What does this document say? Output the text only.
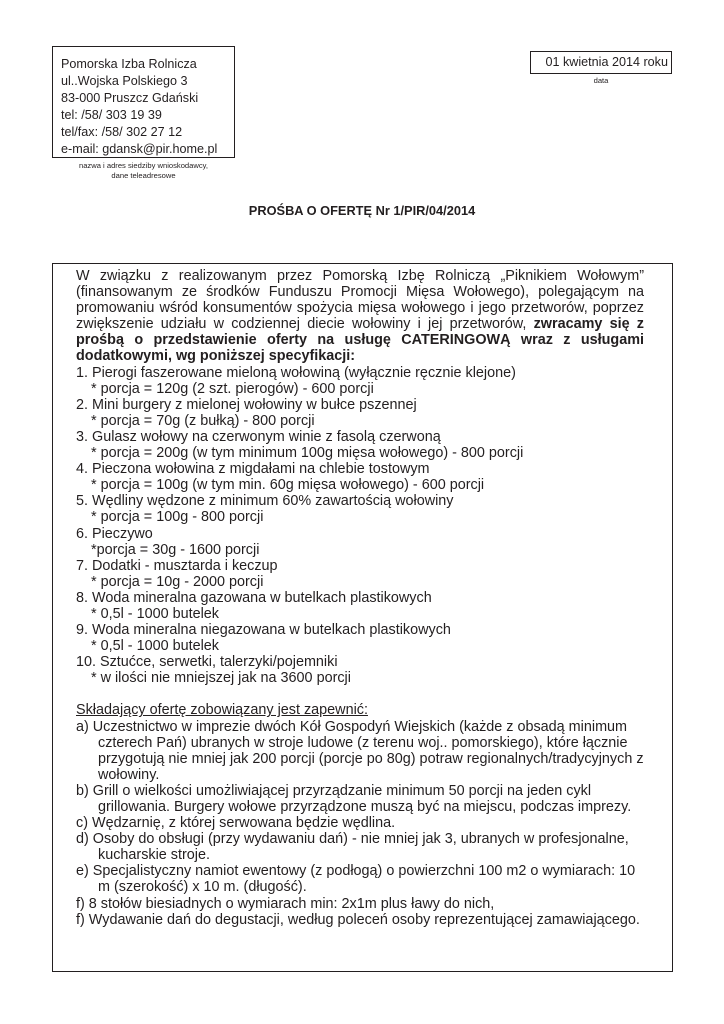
Pomorska Izba Rolnicza
ul..Wojska Polskiego 3
83-000 Pruszcz Gdański
tel: /58/ 303 19 39
tel/fax: /58/ 302 27 12
e-mail: gdansk@pir.home.pl
nazwa i adres siedziby wnioskodawcy,
dane teleadresowe
01 kwietnia 2014 roku
data
PROŚBA O OFERTĘ Nr 1/PIR/04/2014
W związku z realizowanym przez Pomorską Izbę Rolniczą „Piknikiem Wołowym” (finansowanym ze środków Funduszu Promocji Mięsa Wołowego), polegającym na promowaniu wśród konsumentów spożycia mięsa wołowego i jego przetworów, poprzez zwiększenie udziału w codziennej diecie wołowiny i jej przetworów, zwracamy się z prośbą o przedstawienie oferty na usługę CATERINGOWĄ wraz z usługami dodatkowymi, wg poniższej specyfikacji:
1. Pierogi faszerowane mieloną wołowiną (wyłącznie ręcznie klejone)
* porcja = 120g (2 szt. pierogów) - 600 porcji
2. Mini burgery z mielonej wołowiny w bułce pszennej
* porcja = 70g (z bułką) - 800 porcji
3. Gulasz wołowy na czerwonym winie z fasolą czerwoną
* porcja = 200g (w tym minimum 100g mięsa wołowego) - 800 porcji
4. Pieczona wołowina z migdałami na chlebie tostowym
* porcja = 100g (w tym min. 60g mięsa wołowego) - 600 porcji
5. Wędliny wędzone z minimum 60% zawartością wołowiny
* porcja = 100g - 800 porcji
6. Pieczywo
*porcja = 30g - 1600 porcji
7. Dodatki - musztarda i keczup
* porcja = 10g - 2000 porcji
8. Woda mineralna gazowana w butelkach plastikowych
* 0,5l - 1000 butelek
9. Woda mineralna niegazowana w butelkach plastikowych
* 0,5l - 1000 butelek
10. Sztućce, serwetki, talerzyki/pojemniki
* w ilości nie mniejszej jak na 3600 porcji
Składający ofertę zobowiązany jest zapewnić:
a) Uczestnictwo w imprezie dwóch Kół Gospodyń Wiejskich (każde z obsadą minimum czterech Pań) ubranych w stroje ludowe (z terenu woj.. pomorskiego), które łącznie przygotują nie mniej jak 200 porcji (porcje po 80g) potraw regionalnych/tradycyjnych z wołowiny.
b) Grill o wielkości umożliwiającej przyrządzanie minimum 50 porcji na jeden cykl grillowania. Burgery wołowe przyrządzone muszą być na miejscu, podczas imprezy.
c) Wędzarnię, z której serwowana będzie wędlina.
d) Osoby do obsługi (przy wydawaniu dań) - nie mniej jak 3, ubranych w profesjonalne, kucharskie stroje.
e) Specjalistyczny namiot ewentowy (z podłogą) o powierzchni 100 m2 o wymiarach: 10 m (szerokość) x 10 m. (długość).
f) 8 stołów biesiadnych o wymiarach min: 2x1m plus ławy do nich,
f) Wydawanie dań do degustacji, według poleceń osoby reprezentującej zamawiającego.
